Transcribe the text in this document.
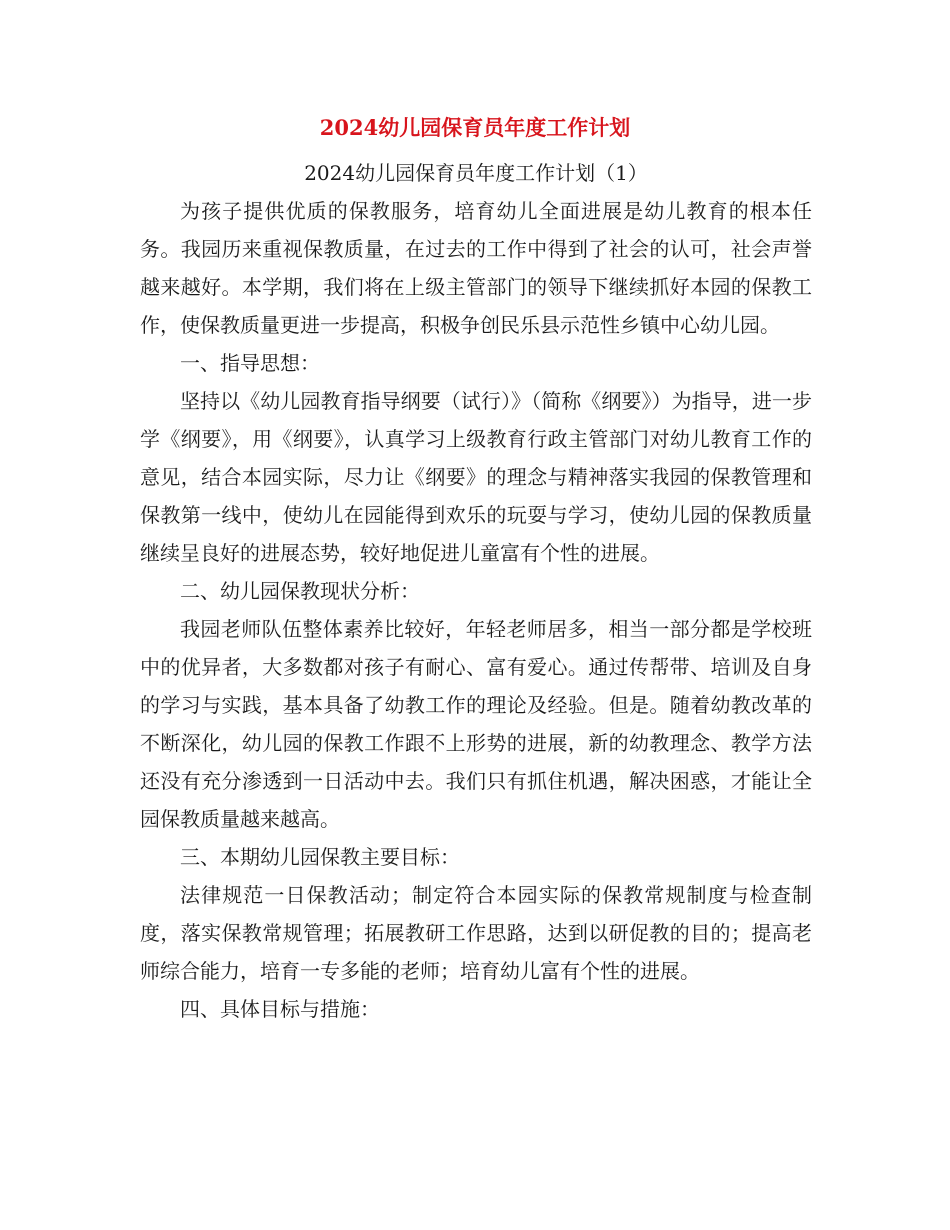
2024幼儿园保育员年度工作计划

2024幼儿园保育员年度工作计划（1）

为孩子提供优质的保教服务，培育幼儿全面进展是幼儿教育的根本任务。我园历来重视保教质量，在过去的工作中得到了社会的认可，社会声誉越来越好。本学期，我们将在上级主管部门的领导下继续抓好本园的保教工作，使保教质量更进一步提高，积极争创民乐县示范性乡镇中心幼儿园。

一、指导思想：

坚持以《幼儿园教育指导纲要（试行）》（简称《纲要》）为指导，进一步学《纲要》，用《纲要》，认真学习上级教育行政主管部门对幼儿教育工作的意见，结合本园实际，尽力让《纲要》的理念与精神落实我园的保教管理和保教第一线中，使幼儿在园能得到欢乐的玩耍与学习，使幼儿园的保教质量继续呈良好的进展态势，较好地促进儿童富有个性的进展。

二、幼儿园保教现状分析：

我园老师队伍整体素养比较好，年轻老师居多，相当一部分都是学校班中的优异者，大多数都对孩子有耐心、富有爱心。通过传帮带、培训及自身的学习与实践，基本具备了幼教工作的理论及经验。但是。随着幼教改革的不断深化，幼儿园的保教工作跟不上形势的进展，新的幼教理念、教学方法还没有充分渗透到一日活动中去。我们只有抓住机遇，解决困惑，才能让全园保教质量越来越高。

三、本期幼儿园保教主要目标：

法律规范一日保教活动；制定符合本园实际的保教常规制度与检查制度，落实保教常规管理；拓展教研工作思路，达到以研促教的目的；提高老师综合能力，培育一专多能的老师；培育幼儿富有个性的进展。

四、具体目标与措施：
